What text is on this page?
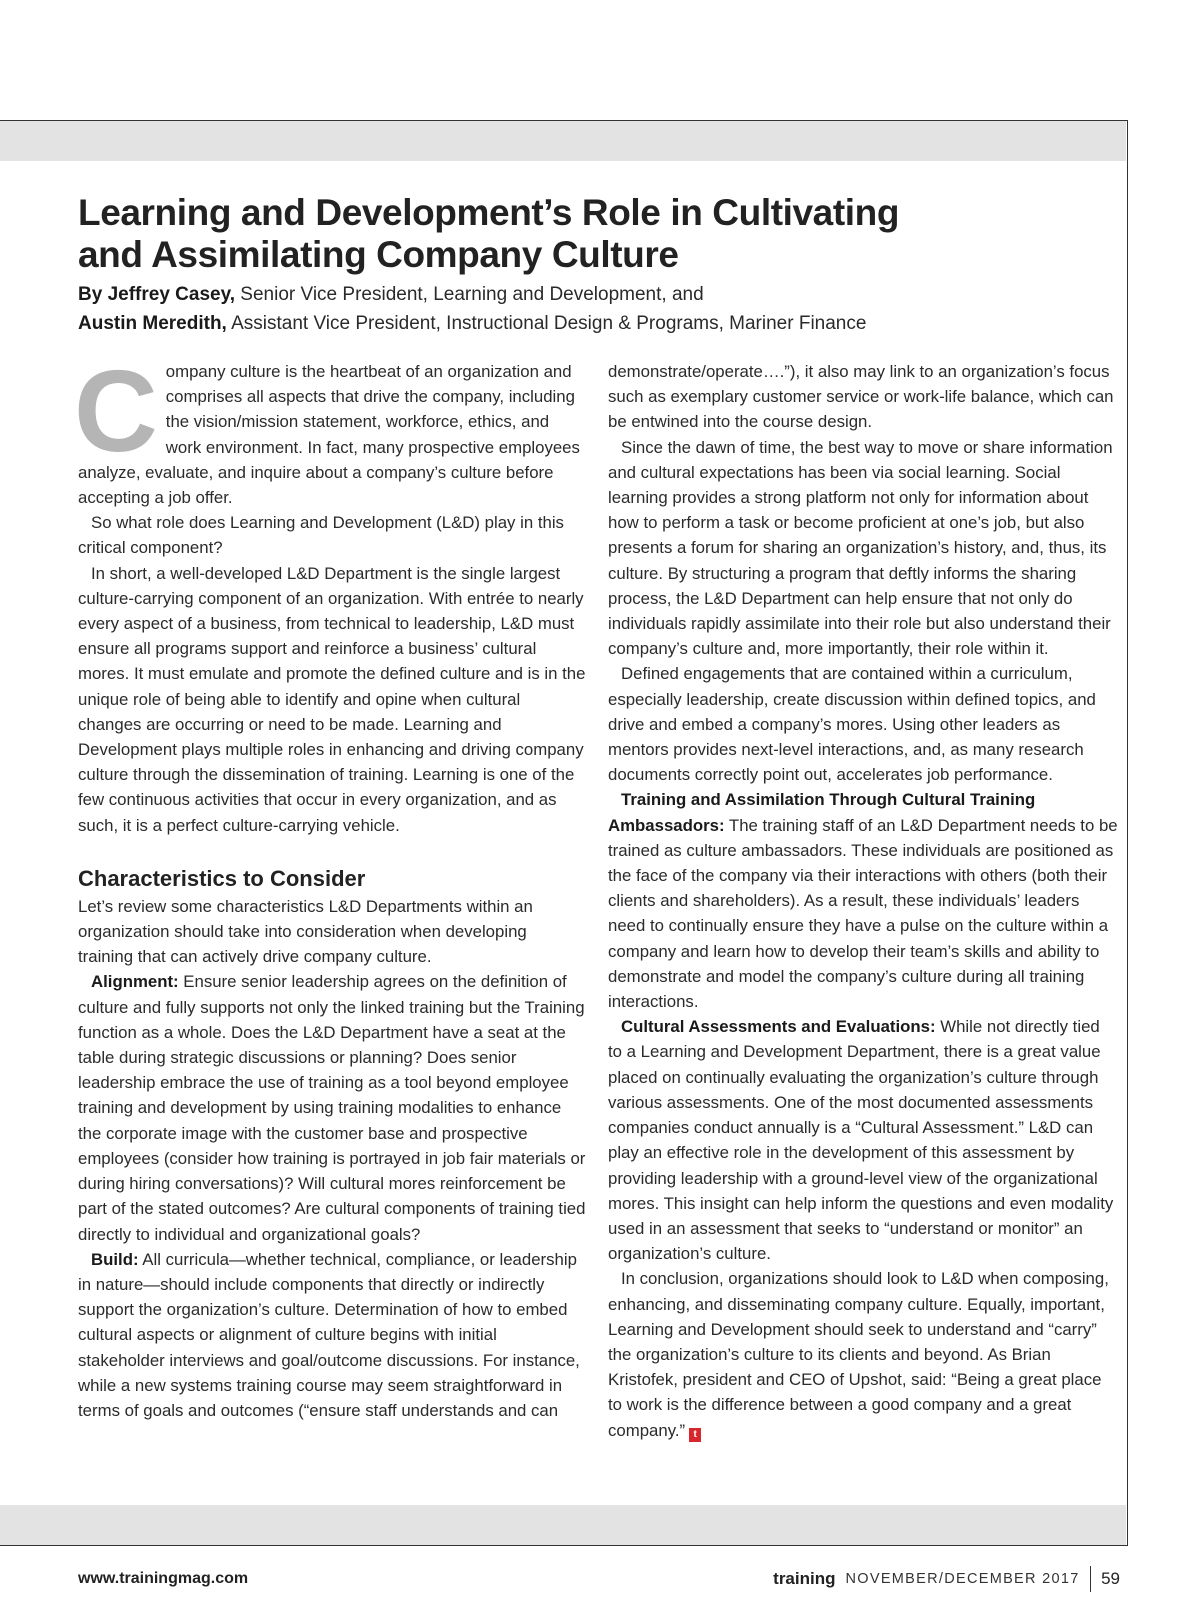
Learning and Development’s Role in Cultivating
and Assimilating Company Culture
By Jeffrey Casey, Senior Vice President, Learning and Development, and
Austin Meredith, Assistant Vice President, Instructional Design & Programs, Mariner Finance

Company culture is the heartbeat of an organization and comprises all aspects that drive the company, including the vision/mission statement, workforce, ethics, and work environment. In fact, many prospective employees analyze, evaluate, and inquire about a company’s culture before accepting a job offer.

So what role does Learning and Development (L&D) play in this critical component?

In short, a well-developed L&D Department is the single largest culture-carrying component of an organization. With entrée to nearly every aspect of a business, from technical to leadership, L&D must ensure all programs support and reinforce a business’ cultural mores. It must emulate and promote the defined culture and is in the unique role of being able to identify and opine when cultural changes are occurring or need to be made. Learning and Development plays multiple roles in enhancing and driving company culture through the dissemination of training. Learning is one of the few continuous activities that occur in every organization, and as such, it is a perfect culture-carrying vehicle.

Characteristics to Consider

Let’s review some characteristics L&D Departments within an organization should take into consideration when developing training that can actively drive company culture.

Alignment: Ensure senior leadership agrees on the definition of culture and fully supports not only the linked training but the Training function as a whole. Does the L&D Department have a seat at the table during strategic discussions or planning? Does senior leadership embrace the use of training as a tool beyond employee training and development by using training modalities to enhance the corporate image with the customer base and prospective employees (consider how training is portrayed in job fair materials or during hiring conversations)? Will cultural mores reinforcement be part of the stated outcomes? Are cultural components of training tied directly to individual and organizational goals?

Build: All curricula—whether technical, compliance, or leadership in nature—should include components that directly or indirectly support the organization’s culture. Determination of how to embed cultural aspects or alignment of culture begins with initial stakeholder interviews and goal/outcome discussions. For instance, while a new systems training course may seem straightforward in terms of goals and outcomes (“ensure staff understands and can

demonstrate/operate….”), it also may link to an organization’s focus such as exemplary customer service or work-life balance, which can be entwined into the course design.

Since the dawn of time, the best way to move or share information and cultural expectations has been via social learning. Social learning provides a strong platform not only for information about how to perform a task or become proficient at one’s job, but also presents a forum for sharing an organization’s history, and, thus, its culture. By structuring a program that deftly informs the sharing process, the L&D Department can help ensure that not only do individuals rapidly assimilate into their role but also understand their company’s culture and, more importantly, their role within it.

Defined engagements that are contained within a curriculum, especially leadership, create discussion within defined topics, and drive and embed a company’s mores. Using other leaders as mentors provides next-level interactions, and, as many research documents correctly point out, accelerates job performance.

Training and Assimilation Through Cultural Training Ambassadors: The training staff of an L&D Department needs to be trained as culture ambassadors. These individuals are positioned as the face of the company via their interactions with others (both their clients and shareholders). As a result, these individuals’ leaders need to continually ensure they have a pulse on the culture within a company and learn how to develop their team’s skills and ability to demonstrate and model the company’s culture during all training interactions.

Cultural Assessments and Evaluations: While not directly tied to a Learning and Development Department, there is a great value placed on continually evaluating the organization’s culture through various assessments. One of the most documented assessments companies conduct annually is a “Cultural Assessment.” L&D can play an effective role in the development of this assessment by providing leadership with a ground-level view of the organizational mores. This insight can help inform the questions and even modality used in an assessment that seeks to “understand or monitor” an organization’s culture.

In conclusion, organizations should look to L&D when composing, enhancing, and disseminating company culture. Equally, important, Learning and Development should seek to understand and “carry” the organization’s culture to its clients and beyond. As Brian Kristofek, president and CEO of Upshot, said: “Being a great place to work is the difference between a good company and a great company.” t

www.trainingmag.com	training NOVEMBER/DECEMBER 2017 59
